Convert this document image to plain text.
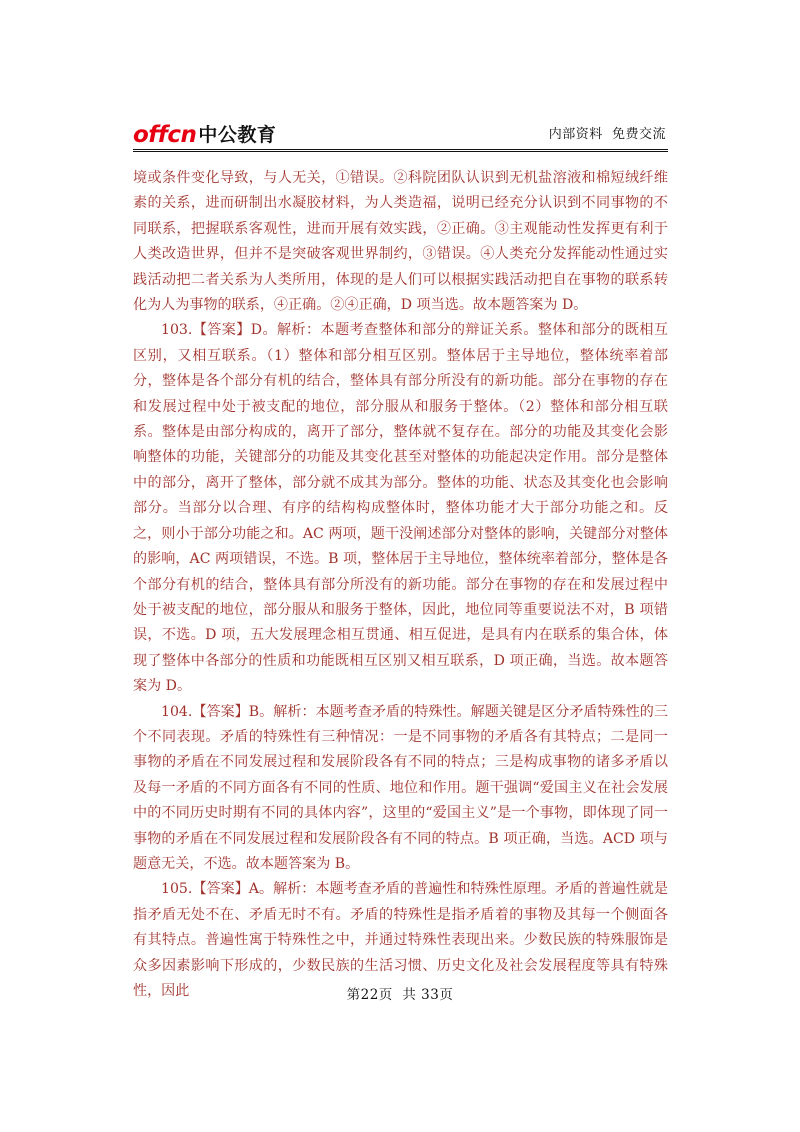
offcn 中公教育	内部资料  免费交流

境或条件变化导致，与人无关，①错误。②科院团队认识到无机盐溶液和棉短绒纤维素的关系，进而研制出水凝胶材料，为人类造福，说明已经充分认识到不同事物的不同联系，把握联系客观性，进而开展有效实践，②正确。③主观能动性发挥更有利于人类改造世界，但并不是突破客观世界制约，③错误。④人类充分发挥能动性通过实践活动把二者关系为人类所用，体现的是人们可以根据实践活动把自在事物的联系转化为人为事物的联系，④正确。②④正确，D 项当选。故本题答案为 D。

103.【答案】D。解析：本题考查整体和部分的辩证关系。整体和部分的既相互区别，又相互联系。（1）整体和部分相互区别。整体居于主导地位，整体统率着部分，整体是各个部分有机的结合，整体具有部分所没有的新功能。部分在事物的存在和发展过程中处于被支配的地位，部分服从和服务于整体。（2）整体和部分相互联系。整体是由部分构成的，离开了部分，整体就不复存在。部分的功能及其变化会影响整体的功能，关键部分的功能及其变化甚至对整体的功能起决定作用。部分是整体中的部分，离开了整体，部分就不成其为部分。整体的功能、状态及其变化也会影响部分。当部分以合理、有序的结构构成整体时，整体功能才大于部分功能之和。反之，则小于部分功能之和。AC 两项，题干没阐述部分对整体的影响，关键部分对整体的影响，AC 两项错误，不选。B 项，整体居于主导地位，整体统率着部分，整体是各个部分有机的结合，整体具有部分所没有的新功能。部分在事物的存在和发展过程中处于被支配的地位，部分服从和服务于整体，因此，地位同等重要说法不对，B 项错误，不选。D 项，五大发展理念相互贯通、相互促进，是具有内在联系的集合体，体现了整体中各部分的性质和功能既相互区别又相互联系，D 项正确，当选。故本题答案为 D。

104.【答案】B。解析：本题考查矛盾的特殊性。解题关键是区分矛盾特殊性的三个不同表现。矛盾的特殊性有三种情况：一是不同事物的矛盾各有其特点；二是同一事物的矛盾在不同发展过程和发展阶段各有不同的特点；三是构成事物的诸多矛盾以及每一矛盾的不同方面各有不同的性质、地位和作用。题干强调“爱国主义在社会发展中的不同历史时期有不同的具体内容”，这里的“爱国主义”是一个事物，即体现了同一事物的矛盾在不同发展过程和发展阶段各有不同的特点。B 项正确，当选。ACD 项与题意无关，不选。故本题答案为 B。

105.【答案】A。解析：本题考查矛盾的普遍性和特殊性原理。矛盾的普遍性就是指矛盾无处不在、矛盾无时不有。矛盾的特殊性是指矛盾着的事物及其每一个侧面各有其特点。普遍性寓于特殊性之中，并通过特殊性表现出来。少数民族的特殊服饰是众多因素影响下形成的，少数民族的生活习惯、历史文化及社会发展程度等具有特殊性，因此	第22页  共 33页
